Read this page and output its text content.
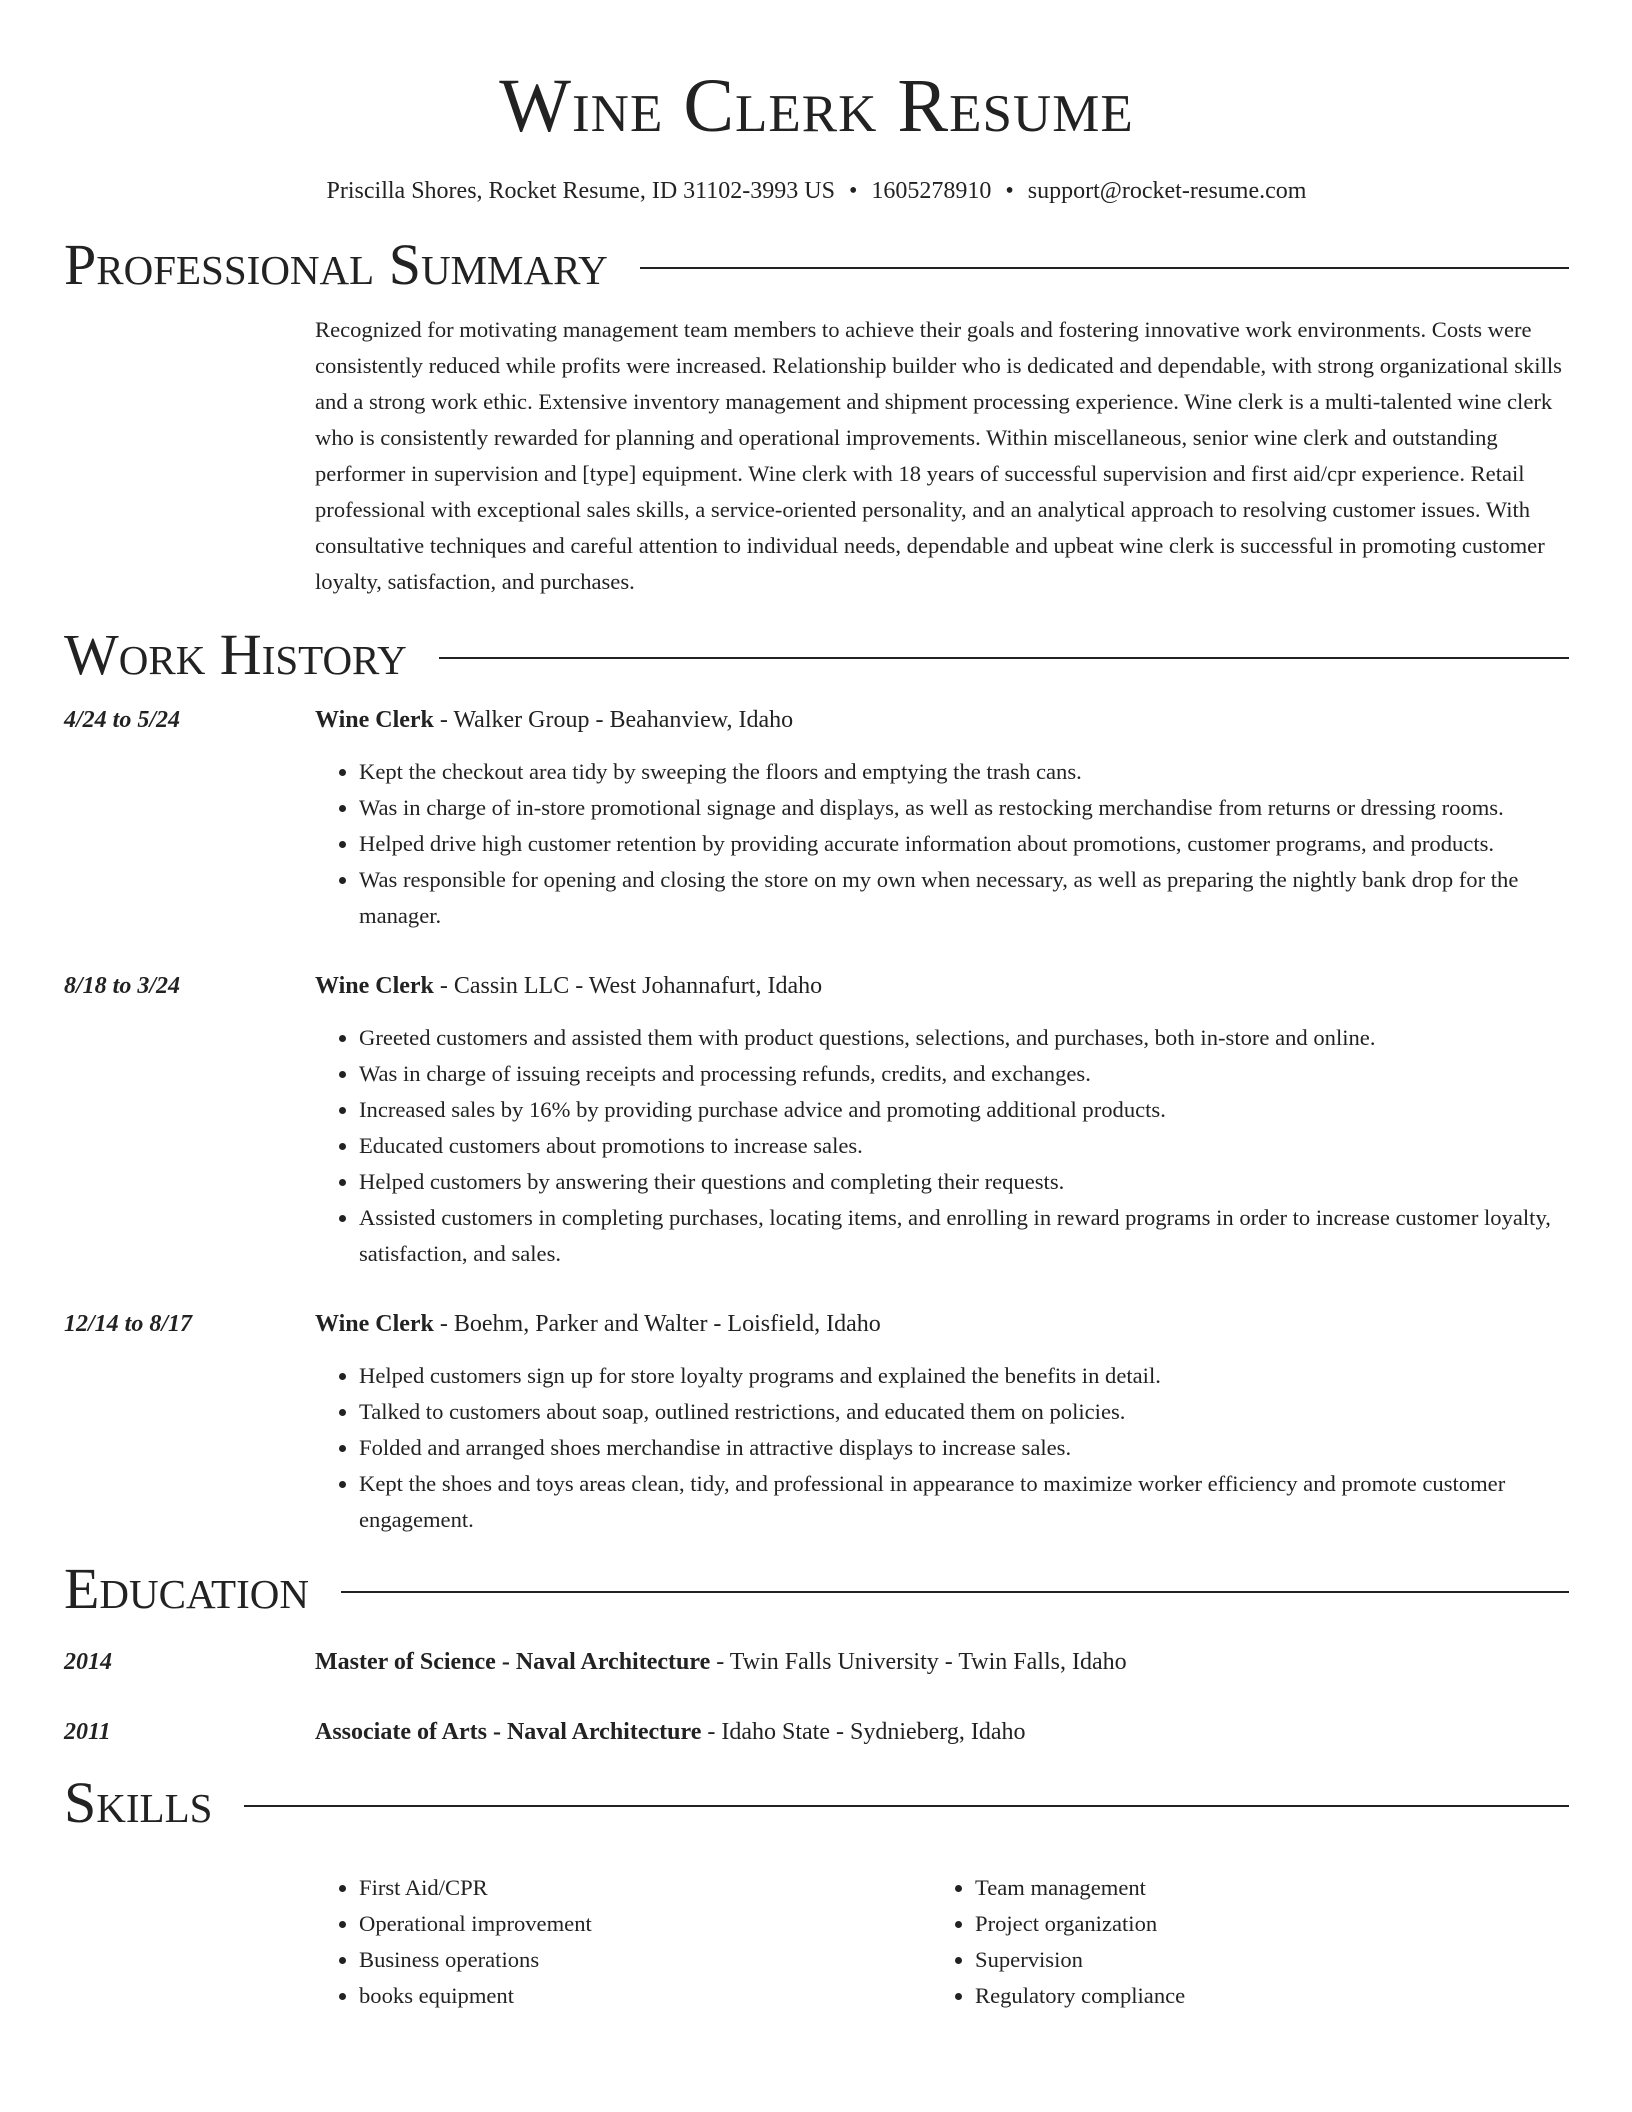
Wine Clerk Resume
Priscilla Shores, Rocket Resume, ID 31102-3993 US • 1605278910 • support@rocket-resume.com
Professional Summary
Recognized for motivating management team members to achieve their goals and fostering innovative work environments. Costs were consistently reduced while profits were increased. Relationship builder who is dedicated and dependable, with strong organizational skills and a strong work ethic. Extensive inventory management and shipment processing experience. Wine clerk is a multi-talented wine clerk who is consistently rewarded for planning and operational improvements. Within miscellaneous, senior wine clerk and outstanding performer in supervision and [type] equipment. Wine clerk with 18 years of successful supervision and first aid/cpr experience. Retail professional with exceptional sales skills, a service-oriented personality, and an analytical approach to resolving customer issues. With consultative techniques and careful attention to individual needs, dependable and upbeat wine clerk is successful in promoting customer loyalty, satisfaction, and purchases.
Work History
4/24 to 5/24	Wine Clerk - Walker Group - Beahanview, Idaho
• Kept the checkout area tidy by sweeping the floors and emptying the trash cans.
• Was in charge of in-store promotional signage and displays, as well as restocking merchandise from returns or dressing rooms.
• Helped drive high customer retention by providing accurate information about promotions, customer programs, and products.
• Was responsible for opening and closing the store on my own when necessary, as well as preparing the nightly bank drop for the manager.
8/18 to 3/24	Wine Clerk - Cassin LLC - West Johannafurt, Idaho
• Greeted customers and assisted them with product questions, selections, and purchases, both in-store and online.
• Was in charge of issuing receipts and processing refunds, credits, and exchanges.
• Increased sales by 16% by providing purchase advice and promoting additional products.
• Educated customers about promotions to increase sales.
• Helped customers by answering their questions and completing their requests.
• Assisted customers in completing purchases, locating items, and enrolling in reward programs in order to increase customer loyalty, satisfaction, and sales.
12/14 to 8/17	Wine Clerk - Boehm, Parker and Walter - Loisfield, Idaho
• Helped customers sign up for store loyalty programs and explained the benefits in detail.
• Talked to customers about soap, outlined restrictions, and educated them on policies.
• Folded and arranged shoes merchandise in attractive displays to increase sales.
• Kept the shoes and toys areas clean, tidy, and professional in appearance to maximize worker efficiency and promote customer engagement.
Education
2014	Master of Science - Naval Architecture - Twin Falls University - Twin Falls, Idaho
2011	Associate of Arts - Naval Architecture - Idaho State - Sydnieberg, Idaho
Skills
• First Aid/CPR
• Operational improvement
• Business operations
• books equipment
• Team management
• Project organization
• Supervision
• Regulatory compliance
